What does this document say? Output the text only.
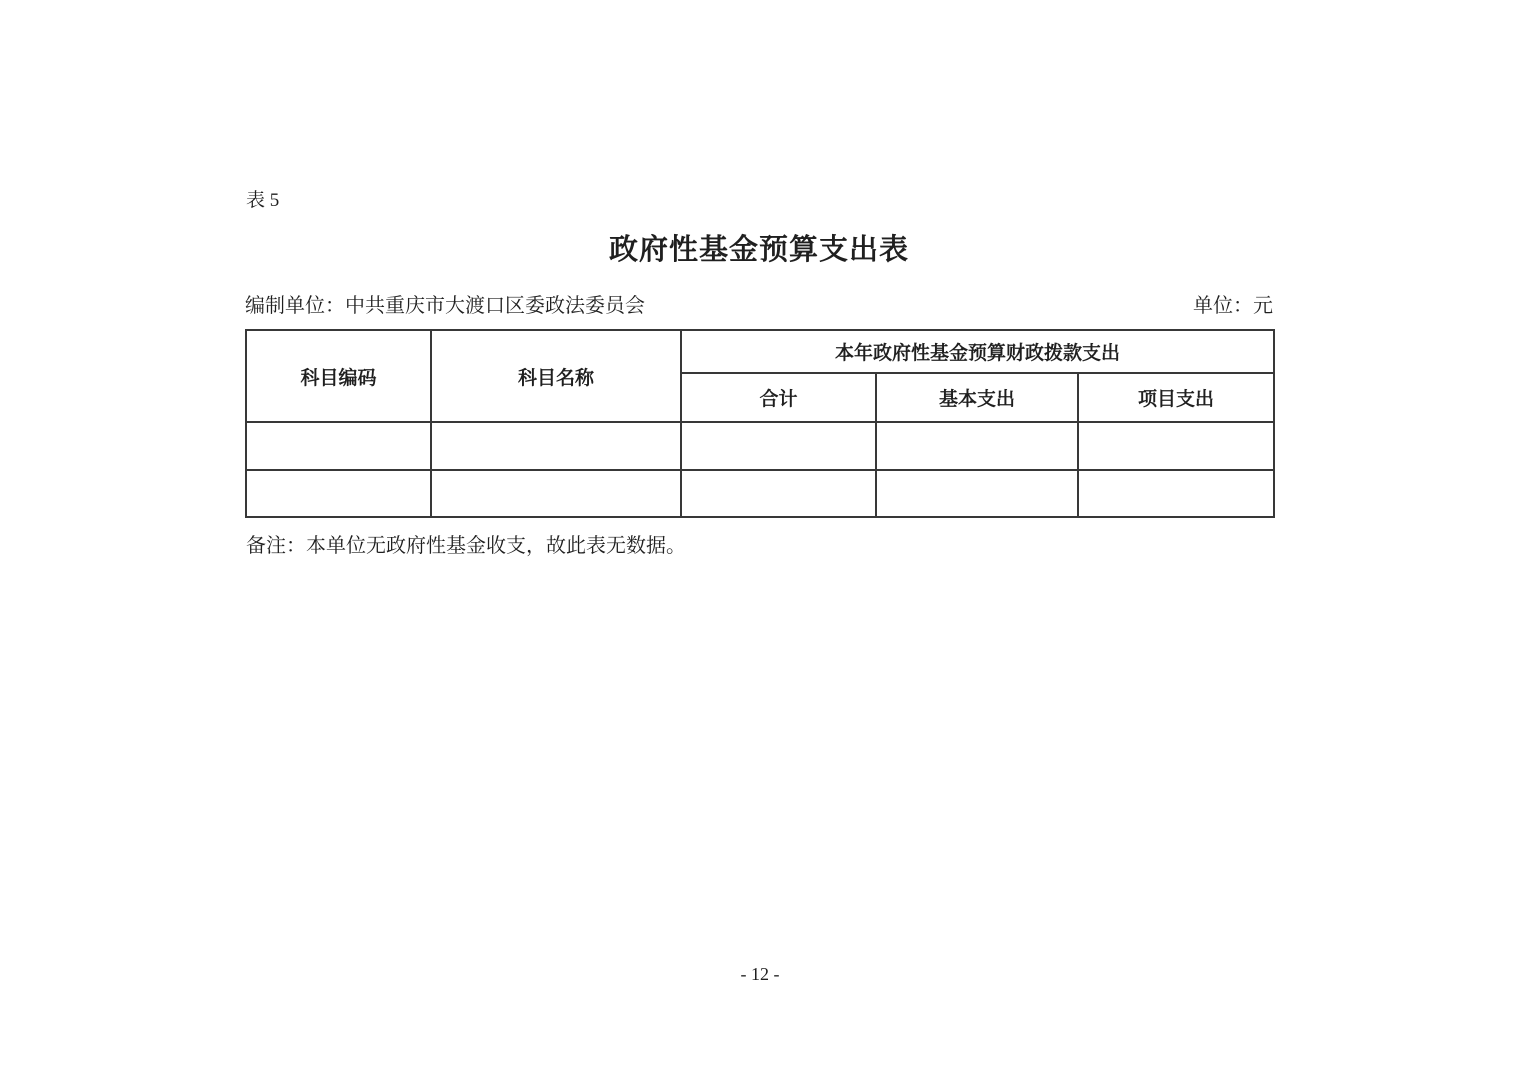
表 5
政府性基金预算支出表
编制单位：中共重庆市大渡口区委政法委员会	单位：元
科目编码	科目名称	本年政府性基金预算财政拨款支出		
		合计	基本支出	项目支出

备注：本单位无政府性基金收支，故此表无数据。
- 12 -
